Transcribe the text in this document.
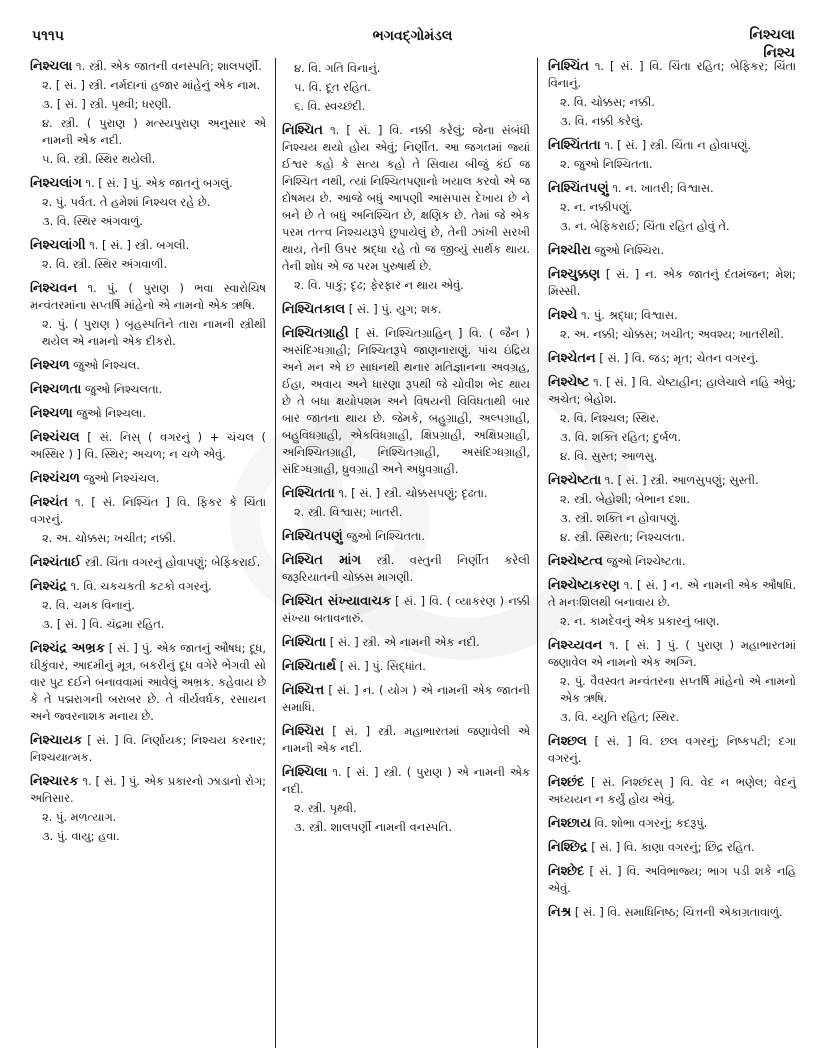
પ૧૧૫	ભગવદ્ગોમંડલ	નિશ્ચલા
નિશ્ચ
નિશ્ચલા ૧. સ્ત્રી. એક જાતની વનસ્પતિ; શાલપર્ણી.
૨. [ સં. ] સ્ત્રી. નર્મદાનાં હજાર માંહેનું એક નામ.
૩. [ સં. ] સ્ત્રી. પૃથ્વી; ધરણી.
૪. સ્ત્રી. ( પુરાણ ) મત્સ્યપુરાણ અનુસાર એ નામની એક નદી.
૫. વિ. સ્ત્રી. સ્થિર થયેલી.
નિશ્ચલાંગ ૧. [ સં. ] પું. એક જાતનું બગલું.
૨. પું. પર્વત. તે હમેશાં નિશ્ચલ રહે છે.
૩. વિ. સ્થિર અંગવાળું.
નિશ્ચલાંગી ૧. [ સં. ] સ્ત્રી. બગલી.
૨. વિ. સ્ત્રી. સ્થિર અંગવાળી.
નિશ્ચવન ૧. પું. ( પુરાણ ) ભવા સ્વારોચિષ મન્વંતરમાંના સપ્તર્ષિ માંહેનો એ નામનો એક ઋષિ.
૨. પું. ( પુરાણ ) બૃહસ્પતિને તારા નામની સ્ત્રીથી થયેલ એ નામનો એક દીકરો.
નિશ્ચળ જુઓ નિશ્ચલ.
નિશ્ચળતા જુઓ નિશ્ચલતા.
નિશ્ચળા જુઓ નિશ્ચલા.
નિશ્ચંચલ [ સં. નિસ્ ( વગરનું ) + ચંચલ ( અસ્થિર ) ] વિ. સ્થિર; અચળ; ન ચળે એવું.
નિશ્ચંચળ જુઓ નિશ્ચંચલ.
નિશ્ચંત ૧. [ સં. નિશ્ચિંત ] વિ. ફિકર કે ચિંતા વગરનું.
૨. અ. ચોક્કસ; ખચીત; નક્કી.
નિશ્ચંતાઈ સ્ત્રી. ચિંતા વગરનું હોવાપણું; બેફિકરાઈ.
નિશ્ચંદ્ર ૧. વિ. ચકચકતી કટકો વગરનું.
૨. વિ. ચમક વિનાનું.
૩. [ સં. ] વિ. ચંદ્રમા રહિત.
નિશ્ચંદ્ર અભ્રક [ સં. ] પું. એક જાતનું ઔષધ; દૂધ, ઘીકુંવાર, આદમીનું મૂત્ર, બકરીનું દૂધ વગેરે ભેગવી સો વાર પુટ દઈને બનાવવામાં આવેલું અભ્રક. કહેવાય છે કે તે પદ્મરાગની બરાબર છે. તે વીર્યવર્ધક, રસાયન અને જ્વરનાશક મનાય છે.
નિશ્ચાયક [ સં. ] વિ. નિર્ણાયક; નિશ્ચય કરનાર; નિશ્ચયાત્મક.
નિશ્ચારક ૧. [ સં. ] પું. એક પ્રકારનો ઝાડાનો રોગ; અતિસાર.
૨. પું. મળત્યાગ.
૩. પું. વાયુ; હવા.
૪. વિ. ગતિ વિનાનું.
૫. વિ. દૂત રહિત.
૬. વિ. સ્વચ્છંદી.
નિશ્ચિત ૧. [ સં. ] વિ. નક્કી કરેલું; જેના સંબંધી નિશ્ચય થયો હોય એવું; નિર્ણીત. આ જગતમાં જ્યાં ઈશ્વર કહો કે સત્ય કહો તે સિવાય બીજું કંઈ જ નિશ્ચિત નથી, ત્યાં નિશ્ચિતપણાનો ખયાલ કરવો એ જ દોષમય છે. આજે બધું આપણી આસપાસ દેખાય છે ને બને છે તે બધું અનિશ્ચિત છે, ક્ષણિક છે. તેમાં જે એક પરમ તત્ત્વ નિશ્ચયરૂપે છુપાયેલું છે, તેની ઝાંખી સરખી થાય, તેની ઉપર શ્રદ્ધા રહે તો જ જીવ્યું સાર્થક થાય. તેની શોધ એ જ પરમ પુરુષાર્થ છે.
૨. વિ. પાકું; દૃઢ; ફેરફાર ન થાય એવું.
નિશ્ચિતકાલ [ સં. ] પું. યુગ; શક.
નિશ્ચિતગ્રાહી [ સં. નિશ્ચિતગ્રાહિન્ ] વિ. ( જૈન ) અસંદિગ્ધગ્રાહી; નિશ્ચિતરૂપે જાણનારાણું. પાંચ ઇંદ્રિય અને મન એ છ સાધનથી થનાર મતિજ્ઞાનના અવગ્રહ, ઈહા, અવાય અને ધારણા રૂપથી જે ચોવીશ ભેદ થાય છે તે બધા ક્ષયોપશમ અને વિષયની વિવિધતાથી બાર બાર જાતના થાય છે. જેમકે, બહુગ્રાહી, અલ્પગ્રાહી, બહુવિધગ્રાહી, એકવિધગ્રાહી, ક્ષિપ્રગ્રાહી, અક્ષિપ્રગ્રાહી, અનિશ્ચિતગ્રાહી, નિશ્ચિતગ્રાહી, અસંદિગ્ધગ્રાહી, સંદિગ્ધગ્રાહી, ધ્રુવગ્રાહી અને અધ્રુવગ્રાહી.
નિશ્ચિતતા ૧. [ સં. ] સ્ત્રી. ચોક્કસપણું; દૃઢતા.
૨. સ્ત્રી. વિશ્વાસ; ખાતરી.
નિશ્ચિતપણું જુઓ નિશ્ચિતતા.
નિશ્ચિત માંગ સ્ત્રી. વસ્તુની નિર્ણીત કરેલી જરૂરિયાતની ચોક્કસ માગણી.
નિશ્ચિત સંખ્યાવાચક [ સં. ] વિ. ( વ્યાકરણ ) નક્કી સંખ્યા બતાવનારું.
નિશ્ચિતા [ સં. ] સ્ત્રી. એ નામની એક નદી.
નિશ્ચિતાર્થ [ સં. ] પું. સિદ્ધાંત.
નિશ્ચિત્ત [ સં. ] ન. ( યોગ ) એ નામની એક જાતની સમાધિ.
નિશ્ચિરા [ સં. ] સ્ત્રી. મહાભારતમાં જણાવેલી એ નામની એક નદી.
નિશ્ચિલા ૧. [ સં. ] સ્ત્રી. ( પુરાણ ) એ નામની એક નદી.
૨. સ્ત્રી. પૃથ્વી.
૩. સ્ત્રી. શાલપર્ણી નામની વનસ્પતિ.
નિશ્ચિંત ૧. [ સં. ] વિ. ચિંતા રહિત; બેફિકર; ચિંતા વિનાનું.
૨. વિ. ચોક્કસ; નક્કી.
૩. વિ. નક્કી કરેલું.
નિશ્ચિંતતા ૧. [ સં. ] સ્ત્રી. ચિંતા ન હોવાપણું.
૨. જુઓ નિશ્ચિતતા.
નિશ્ચિંતપણું ૧. ન. ખાતરી; વિશ્વાસ.
૨. ન. નક્કીપણું.
૩. ન. બેફિકરાઈ; ચિંતા રહિત હોવું તે.
નિશ્ચીરા જુઓ નિશ્ચિરા.
નિશ્ચુક્કણ [ સં. ] ન. એક જાતનું દંતમંજન; મેશ; મિસ્સી.
નિશ્ચે ૧. પું. શ્રદ્ધા; વિશ્વાસ.
૨. અ. નક્કી; ચોક્કસ; ખચીત; અવશ્ય; ખાતરીથી.
નિશ્ચેતન [ સં. ] વિ. જડ; મૃત; ચેતન વગરનું.
નિશ્ચેષ્ટ ૧. [ સં. ] વિ. ચેષ્ટાહીન; હાલેચાલે નહિ એવું; અચેત; બેહોશ.
૨. વિ. નિશ્ચલ; સ્થિર.
૩. વિ. શક્તિ રહિત; દુર્બળ.
૪. વિ. સુસ્ત; આળસુ.
નિશ્ચેષ્ટતા ૧. [ સં. ] સ્ત્રી. આળસુપણું; સુસ્તી.
૨. સ્ત્રી. બેહોશી; બેભાન દશા.
૩. સ્ત્રી. શક્તિ ન હોવાપણું.
૪. સ્ત્રી. સ્થિરતા; નિશ્ચલતા.
નિશ્ચેષ્ટત્વ જુઓ નિશ્ચેષ્ટતા.
નિશ્ચેષ્ટાકરણ ૧. [ સં. ] ન. એ નામની એક ઔષધિ. તે મનઃશિલથી બનાવાય છે.
૨. ન. કામદેવનું એક પ્રકારનું બાણ.
નિશ્ચ્યવન ૧. [ સં. ] પું. ( પુરાણ ) મહાભારતમાં જણાવેલ એ નામનો એક અગ્નિ.
૨. પું. વૈવસ્વત મન્વંતરના સપ્તર્ષિ માંહેનો એ નામનો એક ઋષિ.
૩. વિ. ચ્યુતિ રહિત; સ્થિર.
નિશ્છલ [ સં. ] વિ. છલ વગરનું; નિષ્કપટી; દગા વગરનું.
નિશ્છંદ [ સં. નિશ્છંદસ્ ] વિ. વેદ ન ભણેલ; વેદનું અધ્યયન ન કર્યું હોય એવું.
નિશ્છાય વિ. શોભા વગરનું; કદરૂપું.
નિશ્છિદ્ર [ સં. ] વિ. કાણા વગરનું; છિદ્ર રહિત.
નિશ્છેદ [ સં. ] વિ. અવિભાજ્ય; ભાગ પડી શકે નહિ એવું.
નિશ્ર [ સં. ] વિ. સમાધિનિષ્ઠ; ચિત્તની એકાગ્રતાવાળું.
